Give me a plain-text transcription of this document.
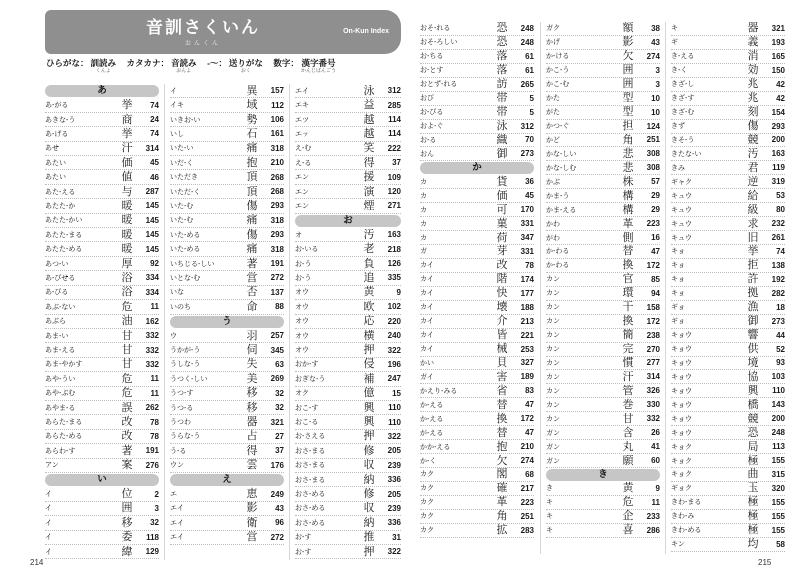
音訓さくいん
おんくん
On-Kun Index
ひらがな： 訓読み
くんよ
　カタカナ： 音読み
おんよ
　-〜： 送りがな
おく
　数字： 漢字番号
かんじばんごう
あ
あ-がる	挙	74
あきな-う	商	24
あ-げる	挙	74
あせ	汗	314
あたい	価	45
あたい	値	46
あた-える	与	287
あたた-か	暖	145
あたた-かい	暖	145
あたた-まる	暖	145
あたた-める	暖	145
あつ-い	厚	92
あ-びせる	浴	334
あ-びる	浴	334
あぶ-ない	危	11
あぶら	油	162
あま-い	甘	332
あま-える	甘	332
あま-やかす	甘	332
あや-うい	危	11
あや-ぶむ	危	11
あやま-る	誤	262
あらた-まる	改	78
あらた-める	改	78
あらわ-す	著	191
アン	案	276
い
イ	位	2
イ	囲	3
イ	移	32
イ	委	118
イ	緯	129
イ	異	157
イキ	域	112
いきお-い	勢	106
いし	石	161
いた-い	痛	318
いだ-く	抱	210
いただき	頂	268
いただ-く	頂	268
いた-む	傷	293
いた-む	痛	318
いた-める	傷	293
いた-める	痛	318
いちじる-しい	著	191
いとな-む	営	272
いな	否	137
いのち	命	88
う
ウ	羽	257
うかが-う	伺	345
うしな-う	失	63
うつく-しい	美	269
うつ-す	移	32
うつ-る	移	32
うつわ	器	321
うらな-う	占	27
う-る	得	37
ウン	雲	176
え
エ	恵	249
エイ	影	43
エイ	衛	96
エイ	営	272
エイ	泳	312
エキ	益	285
エツ	越	114
エッ	越	114
え-む	笑	222
え-る	得	37
エン	援	109
エン	演	120
エン	煙	271
お
オ	汚	163
お-いる	老	218
お-う	負	126
お-う	追	335
オウ	黄	9
オウ	欧	102
オウ	応	220
オウ	横	240
オウ	押	322
おか-す	侵	196
おぎな-う	補	247
オク	億	15
おこ-す	興	110
おこ-る	興	110
お-さえる	押	322
おさ-まる	修	205
おさ-まる	収	239
おさ-まる	納	336
おさ-める	修	205
おさ-める	収	239
おさ-める	納	336
お-す	推	31
お-す	押	322
214
おそ-れる	恐	248
おそ-ろしい	恐	248
お-ちる	落	61
お-とす	落	61
おとず-れる	訪	265
おび	帯	5
お-びる	帯	5
およ-ぐ	泳	312
お-る	織	70
おん	御	273
か
カ	貨	36
カ	価	45
カ	可	170
カ	菓	331
カ	荷	347
ガ	芽	331
カイ	改	78
カイ	階	174
カイ	快	177
カイ	壊	188
カイ	介	213
カイ	皆	221
カイ	械	253
かい	貝	327
ガイ	害	189
かえり-みる	省	83
か-える	替	47
か-える	換	172
が-える	替	47
かか-える	抱	210
か-く	欠	274
カク	閣	68
カク	確	217
カク	革	223
カク	角	251
カク	拡	283
ガク	額	38
かげ	影	43
か-ける	欠	274
かこ-う	囲	3
かこ-む	囲	3
かた	型	10
がた	型	10
かつ-ぐ	担	124
かど	角	251
かな-しい	悲	308
かな-しむ	悲	308
かぶ	株	57
かま-う	構	29
かま-える	構	29
かわ	革	223
がわ	側	16
か-わる	替	47
か-わる	換	172
カン	官	85
カン	環	94
カン	干	158
カン	換	172
カン	簡	238
カン	完	270
カン	慣	277
カン	汗	314
カン	管	326
カン	巻	330
カン	甘	332
ガン	含	26
ガン	丸	41
ガン	願	60
き
き	黄	9
キ	危	11
キ	企	233
キ	喜	286
キ	器	321
ギ	義	193
き-える	消	165
き-く	効	150
きざ-し	兆	42
きざ-す	兆	42
きざ-む	刻	154
きず	傷	293
きそ-う	競	200
きたな-い	汚	163
きみ	君	119
ギャク	逆	319
キュウ	給	53
キュウ	級	80
キュウ	求	232
キュウ	旧	261
キョ	挙	74
キョ	拒	138
キョ	許	192
キョ	拠	282
ギョ	漁	18
ギョ	御	273
キョウ	響	44
キョウ	供	52
キョウ	境	93
キョウ	協	103
キョウ	興	110
キョウ	橋	143
キョウ	競	200
キョウ	恐	248
キョク	局	113
キョク	極	155
キョク	曲	315
ギョク	玉	320
きわ-まる	極	155
きわ-み	極	155
きわ-める	極	155
キン	均	58
215
